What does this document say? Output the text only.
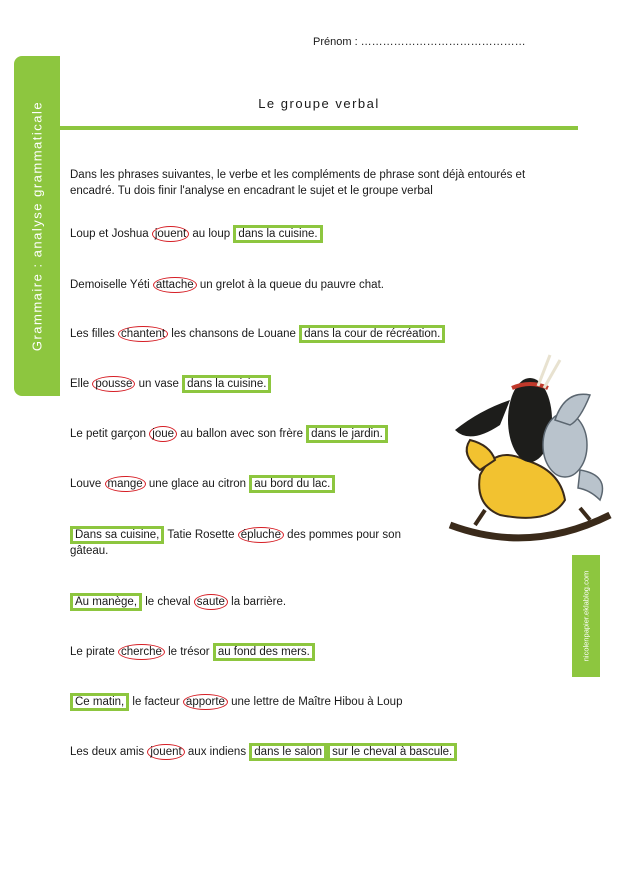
Prénom : ………………………………………
Grammaire : analyse grammaticale	Le groupe verbal
Dans les phrases suivantes, le verbe et les compléments de phrase sont déjà entourés et encadré. Tu dois finir l'analyse en encadrant le sujet et le groupe verbal
Loup et Joshua jouent au loup dans la cuisine.
Demoiselle Yéti attache un grelot à la queue du pauvre chat.
Les filles chantent les chansons de Louane dans la cour de récréation.
Elle pousse un vase dans la cuisine.
Le petit garçon joue au ballon avec son frère dans le jardin.
Louve mange une glace au citron au bord du lac.
Dans sa cuisine, Tatie Rosette épluche des pommes pour son gâteau.
Au manège, le cheval saute la barrière.
Le pirate cherche le trésor au fond des mers.
Ce matin, le facteur apporte une lettre de Maître Hibou à Loup
Les deux amis jouent aux indiens dans le salon sur le cheval à bascule.
nicolenpapier.eklablog.com
